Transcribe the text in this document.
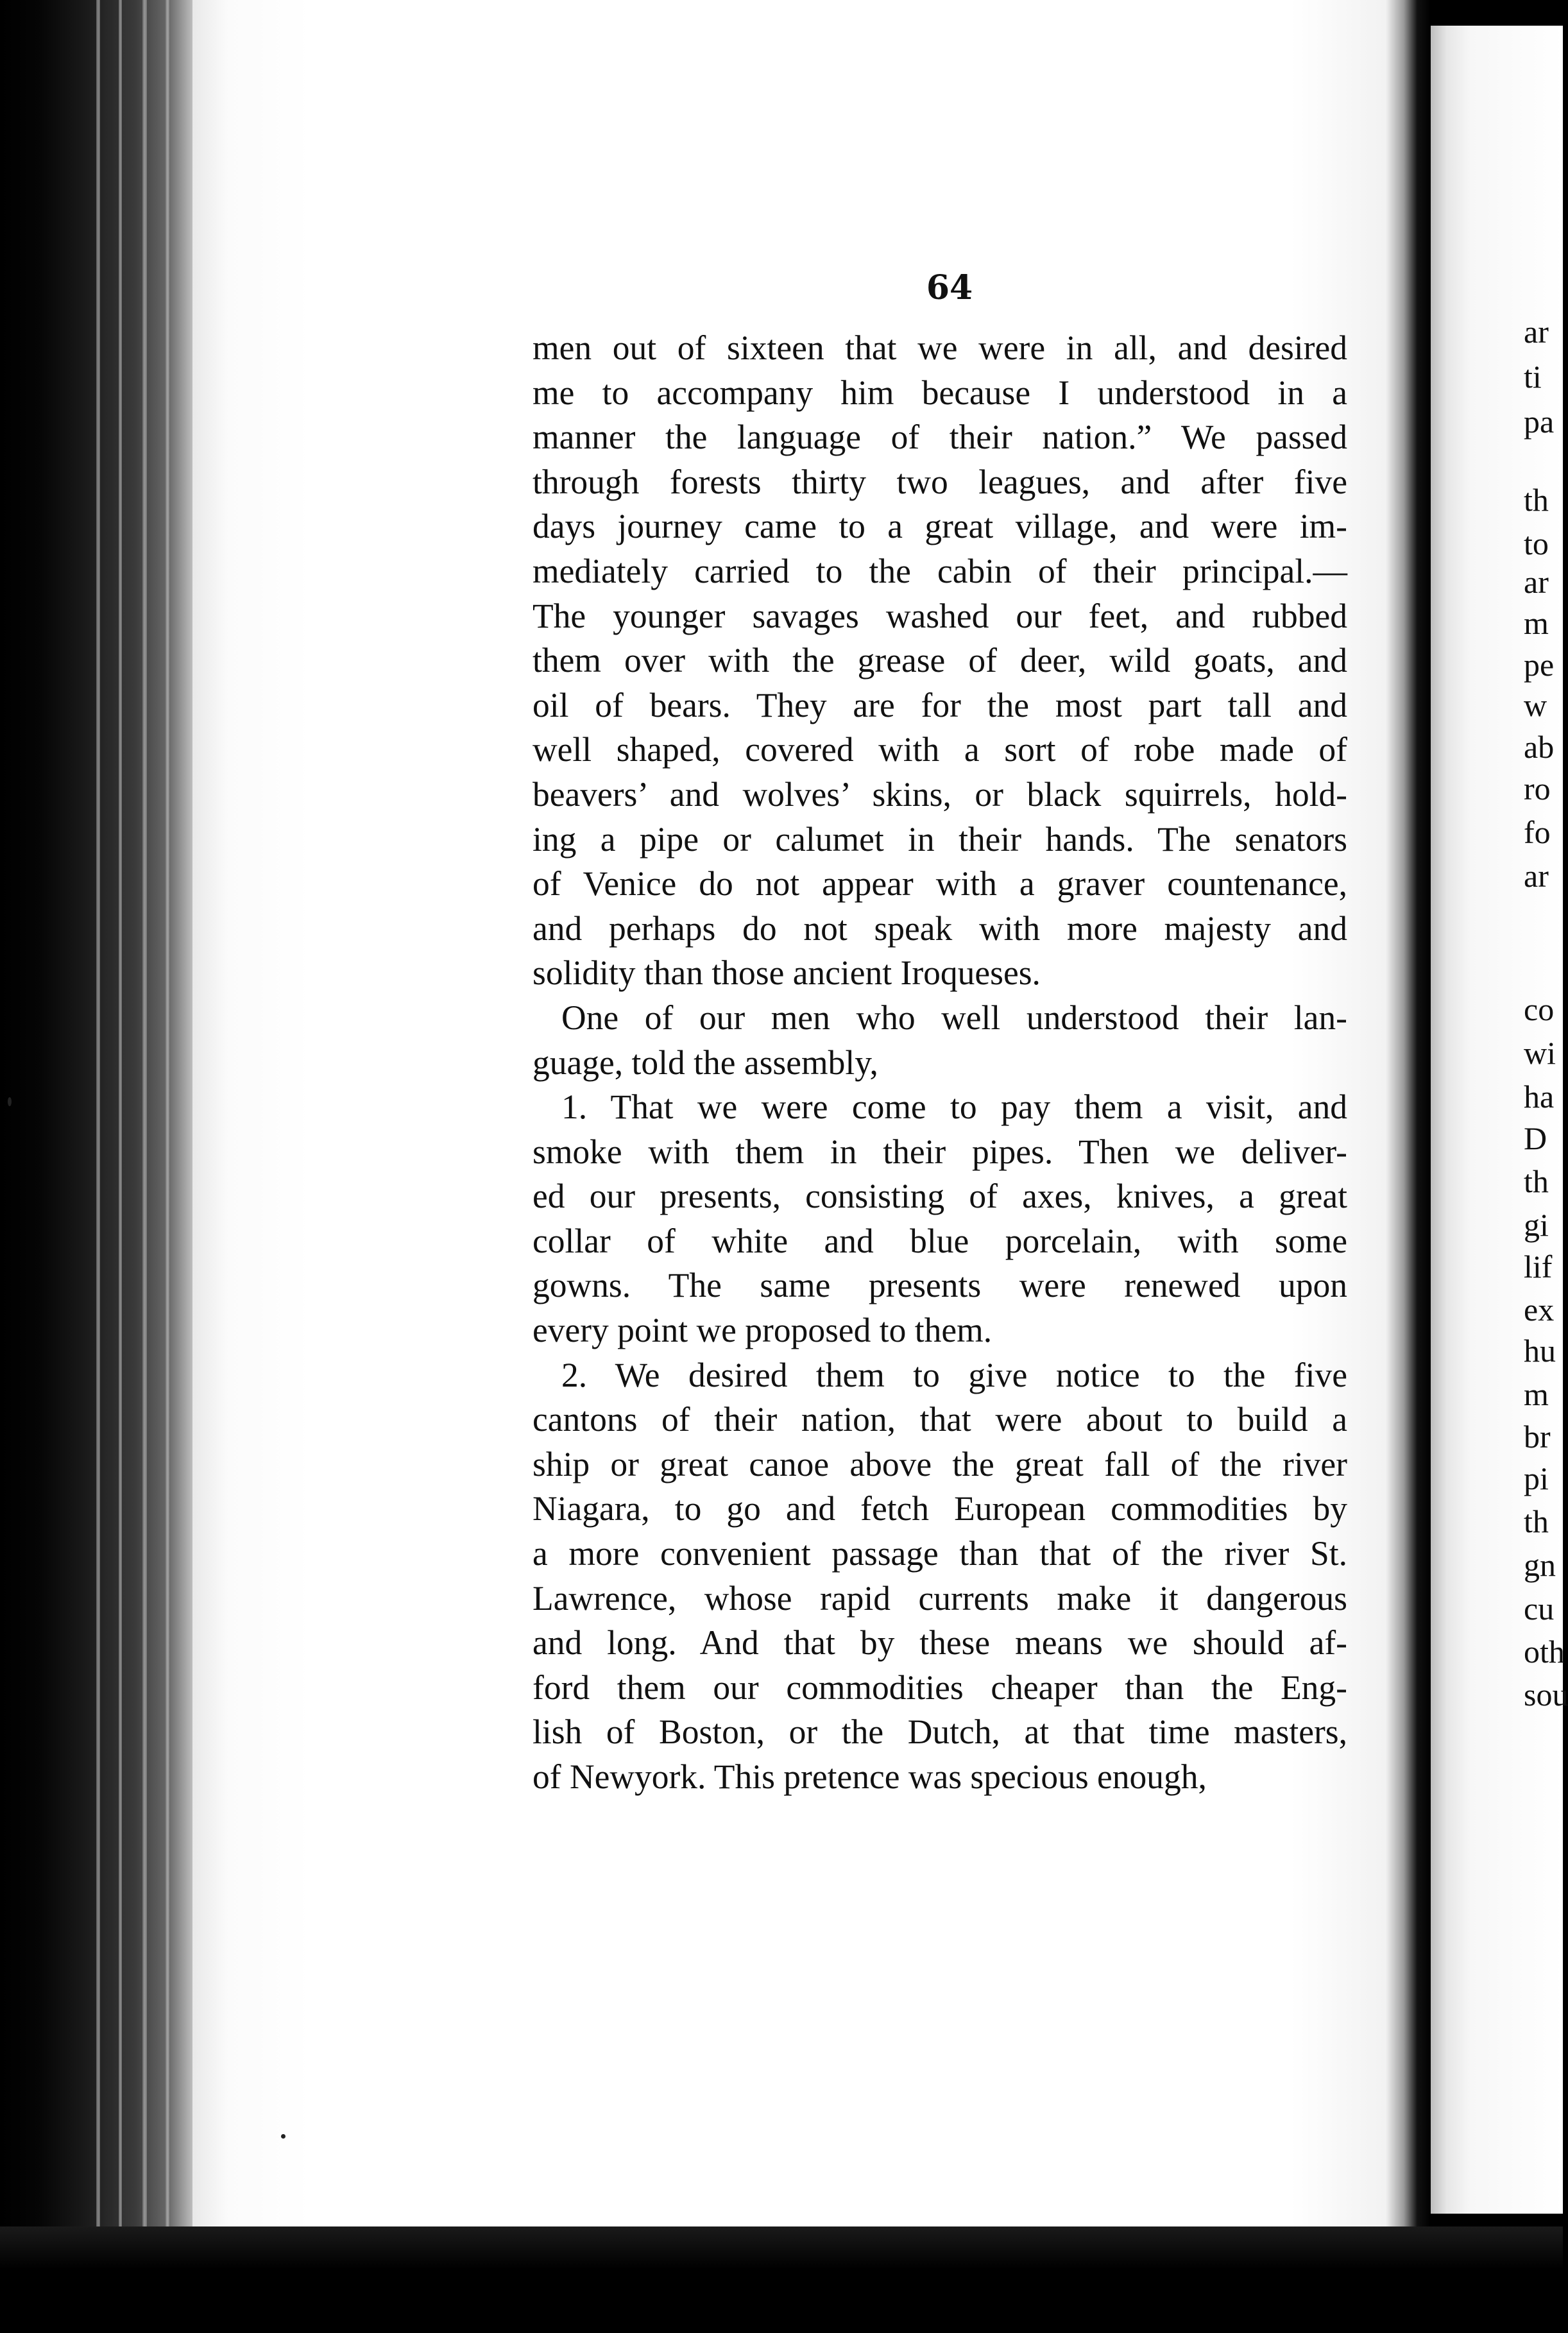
64
men out of sixteen that we were in all, and desired
me to accompany him because I understood in a
manner the language of their nation.” We passed
through forests thirty two leagues, and after five
days journey came to a great village, and were im-
mediately carried to the cabin of their principal.—
The younger savages washed our feet, and rubbed
them over with the grease of deer, wild goats, and
oil of bears. They are for the most part tall and
well shaped, covered with a sort of robe made of
beavers’ and wolves’ skins, or black squirrels, hold-
ing a pipe or calumet in their hands. The senators
of Venice do not appear with a graver countenance,
and perhaps do not speak with more majesty and
solidity than those ancient Iroqueses.
One of our men who well understood their lan-
guage, told the assembly,
1. That we were come to pay them a visit, and
smoke with them in their pipes. Then we deliver-
ed our presents, consisting of axes, knives, a great
collar of white and blue porcelain, with some
gowns. The same presents were renewed upon
every point we proposed to them.
2. We desired them to give notice to the five
cantons of their nation, that were about to build a
ship or great canoe above the great fall of the river
Niagara, to go and fetch European commodities by
a more convenient passage than that of the river St.
Lawrence, whose rapid currents make it dangerous
and long. And that by these means we should af-
ford them our commodities cheaper than the Eng-
lish of Boston, or the Dutch, at that time masters,
of Newyork. This pretence was specious enough,
ar
ti
pa
th
to
ar
m
pe
w
ab
ro
fo
ar
co
wi
ha
D
th
gi
lif
ex
hu
m
br
pi
th
gn
cu
oth
sou
